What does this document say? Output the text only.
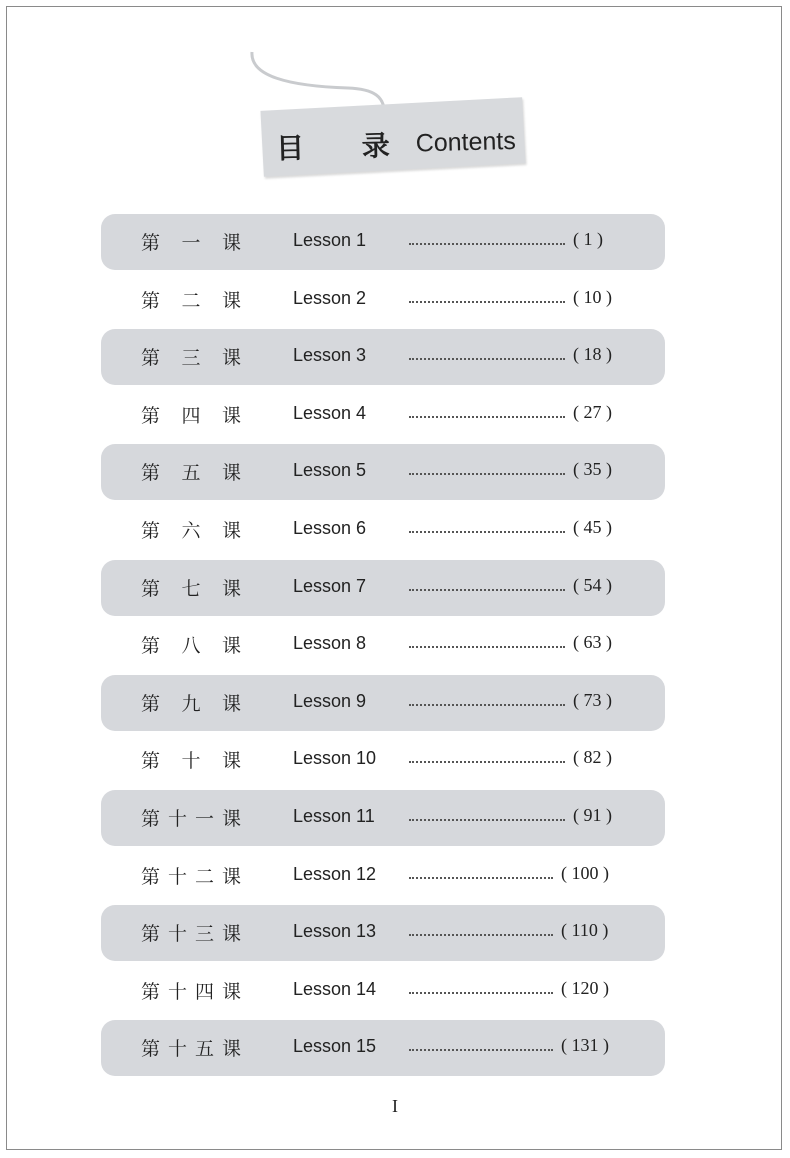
目 录 Contents
第 一 课	Lesson 1	( 1 )
第 二 课	Lesson 2	( 10 )
第 三 课	Lesson 3	( 18 )
第 四 课	Lesson 4	( 27 )
第 五 课	Lesson 5	( 35 )
第 六 课	Lesson 6	( 45 )
第 七 课	Lesson 7	( 54 )
第 八 课	Lesson 8	( 63 )
第 九 课	Lesson 9	( 73 )
第 十 课	Lesson 10	( 82 )
第 十 一 课	Lesson 11	( 91 )
第 十 二 课	Lesson 12	( 100 )
第 十 三 课	Lesson 13	( 110 )
第 十 四 课	Lesson 14	( 120 )
第 十 五 课	Lesson 15	( 131 )
I
